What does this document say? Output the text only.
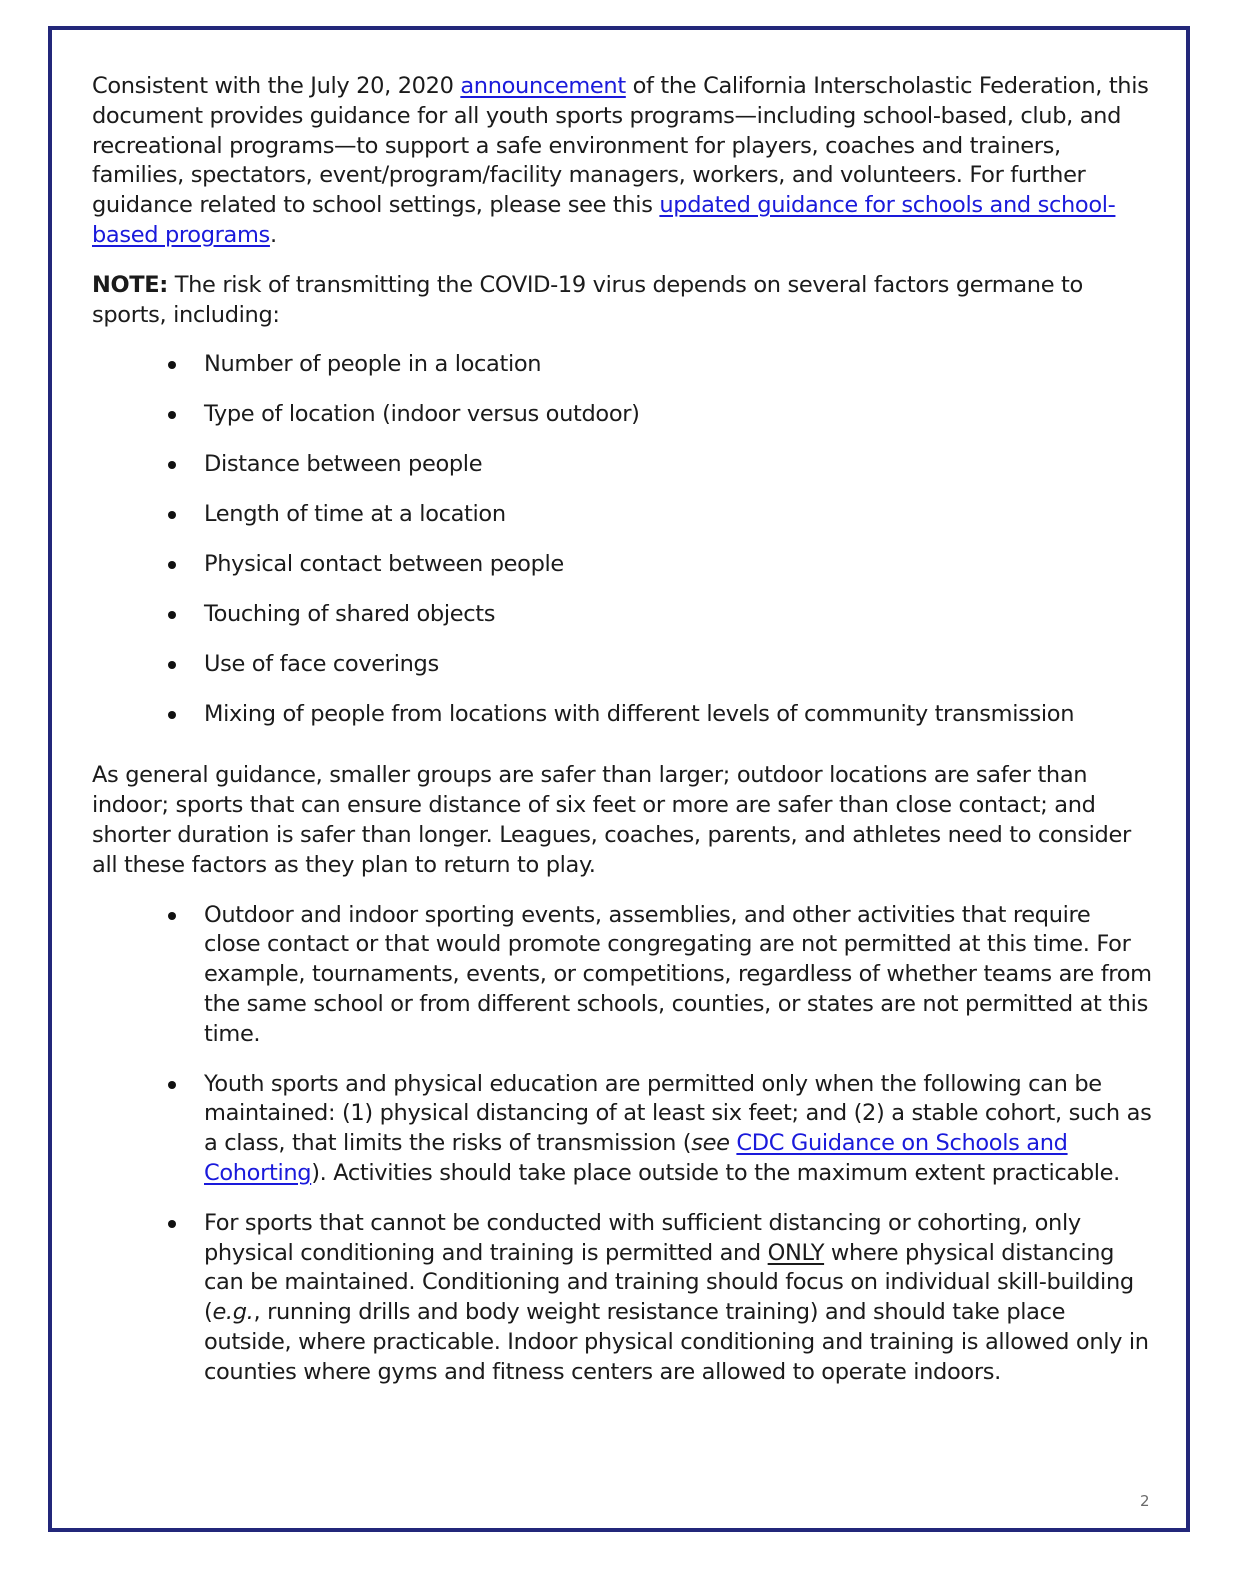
Consistent with the July 20, 2020 announcement of the California Interscholastic Federation, this document provides guidance for all youth sports programs—including school-based, club, and recreational programs—to support a safe environment for players, coaches and trainers, families, spectators, event/program/facility managers, workers, and volunteers. For further guidance related to school settings, please see this updated guidance for schools and school-based programs.

NOTE: The risk of transmitting the COVID-19 virus depends on several factors germane to sports, including:

Number of people in a location
Type of location (indoor versus outdoor)
Distance between people
Length of time at a location
Physical contact between people
Touching of shared objects
Use of face coverings
Mixing of people from locations with different levels of community transmission

As general guidance, smaller groups are safer than larger; outdoor locations are safer than indoor; sports that can ensure distance of six feet or more are safer than close contact; and shorter duration is safer than longer. Leagues, coaches, parents, and athletes need to consider all these factors as they plan to return to play.

Outdoor and indoor sporting events, assemblies, and other activities that require close contact or that would promote congregating are not permitted at this time. For example, tournaments, events, or competitions, regardless of whether teams are from the same school or from different schools, counties, or states are not permitted at this time.
Youth sports and physical education are permitted only when the following can be maintained: (1) physical distancing of at least six feet; and (2) a stable cohort, such as a class, that limits the risks of transmission (see CDC Guidance on Schools and Cohorting). Activities should take place outside to the maximum extent practicable.
For sports that cannot be conducted with sufficient distancing or cohorting, only physical conditioning and training is permitted and ONLY where physical distancing can be maintained. Conditioning and training should focus on individual skill-building (e.g., running drills and body weight resistance training) and should take place outside, where practicable. Indoor physical conditioning and training is allowed only in counties where gyms and fitness centers are allowed to operate indoors.
2
